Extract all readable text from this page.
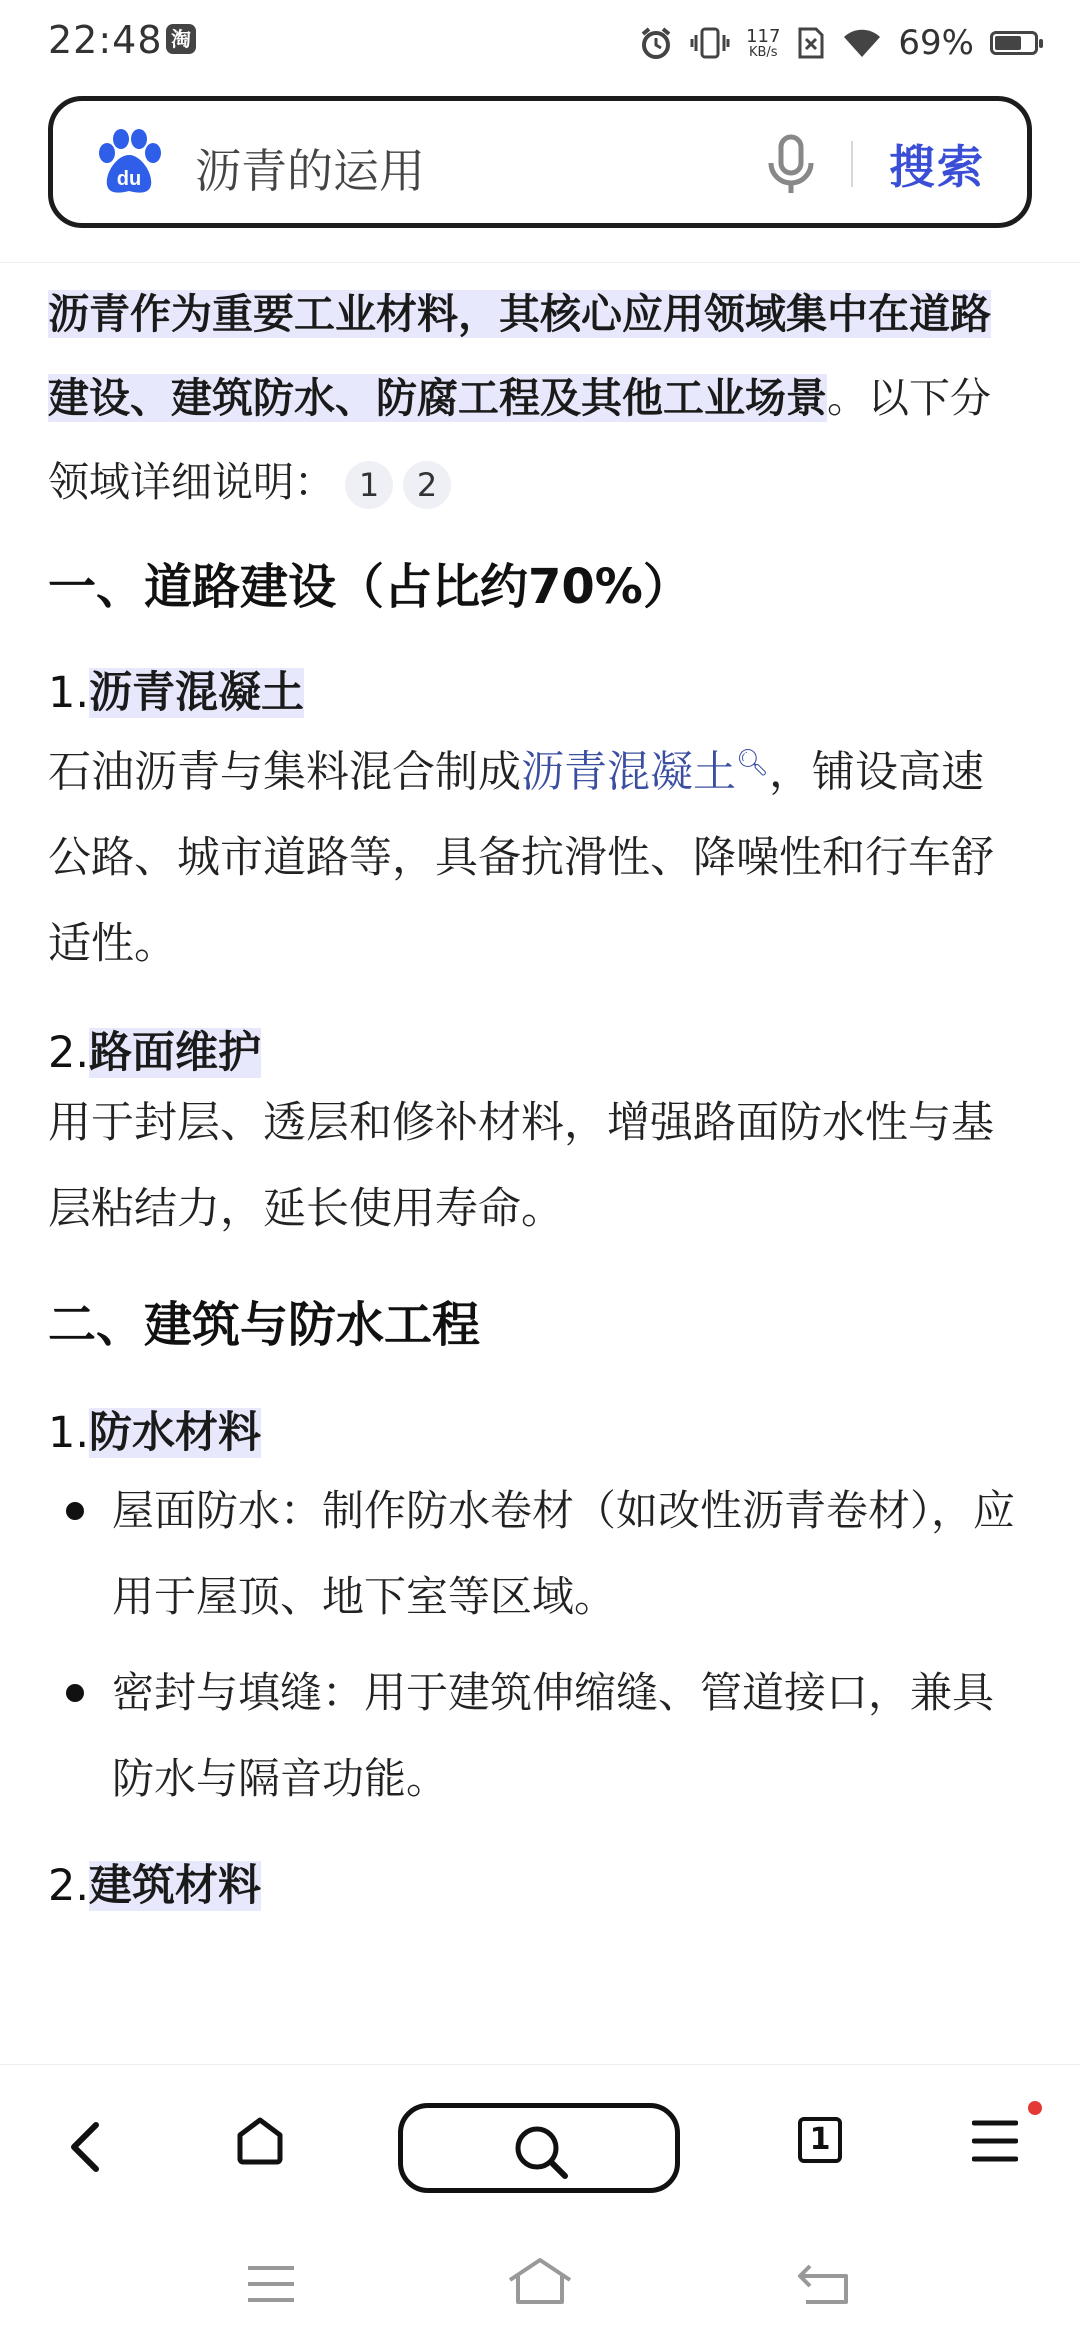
22:48 淘	117
KB/s	69%
du 沥青的运用	搜索

沥青作为重要工业材料，其核心应用领域集中在道路建设、建筑防水、防腐工程及其他工业场景。以下分领域详细说明： 1 2

一、道路建设（占比约70%）

1.沥青混凝土

石油沥青与集料混合制成沥青混凝土🔍︎，铺设高速公路、城市道路等，具备抗滑性、降噪性和行车舒适性。

2.路面维护

用于封层、透层和修补材料，增强路面防水性与基层粘结力，延长使用寿命。

二、建筑与防水工程

1.防水材料

屋面防水：制作防水卷材（如改性沥青卷材），应用于屋顶、地下室等区域。

密封与填缝：用于建筑伸缩缝、管道接口，兼具防水与隔音功能。

2.建筑材料

1
